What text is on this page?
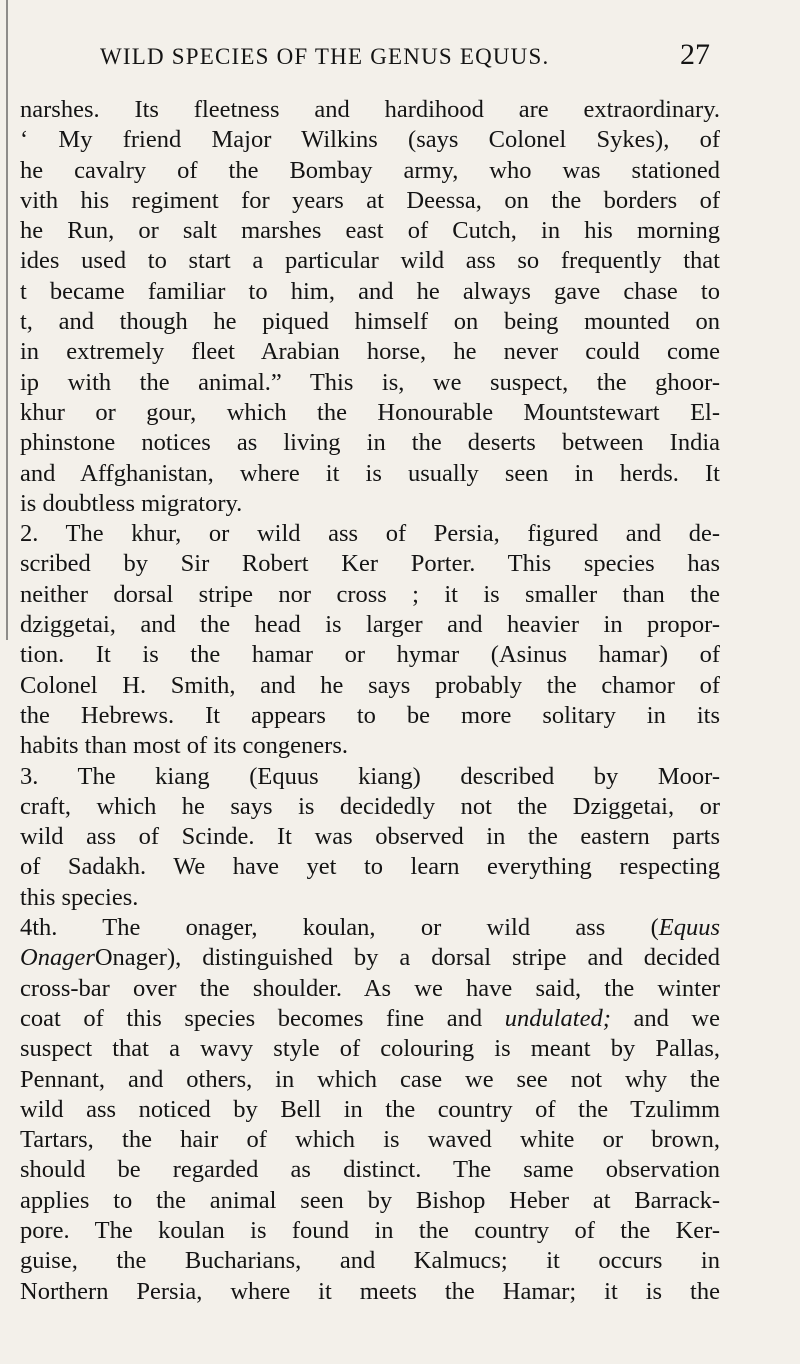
WILD SPECIES OF THE GENUS EQUUS.	27
narshes. Its fleetness and hardihood are extraordinary.
‘ My friend Major Wilkins (says Colonel Sykes), of
he cavalry of the Bombay army, who was stationed
vith his regiment for years at Deessa, on the borders of
he Run, or salt marshes east of Cutch, in his morning
ides used to start a particular wild ass so frequently that
t became familiar to him, and he always gave chase to
t, and though he piqued himself on being mounted on
in extremely fleet Arabian horse, he never could come
ip with the animal.” This is, we suspect, the ghoor-
khur or gour, which the Honourable Mountstewart El-
phinstone notices as living in the deserts between India
and Affghanistan, where it is usually seen in herds. It
is doubtless migratory.
2. The khur, or wild ass of Persia, figured and de-
scribed by Sir Robert Ker Porter. This species has
neither dorsal stripe nor cross ; it is smaller than the
dziggetai, and the head is larger and heavier in propor-
tion. It is the hamar or hymar (Asinus hamar) of
Colonel H. Smith, and he says probably the chamor of
the Hebrews. It appears to be more solitary in its
habits than most of its congeners.
3. The kiang (Equus kiang) described by Moor-
craft, which he says is decidedly not the Dziggetai, or
wild ass of Scinde. It was observed in the eastern parts
of Sadakh. We have yet to learn everything respecting
this species.
4th. The onager, koulan, or wild ass (Equus
OnagerOnager), distinguished by a dorsal stripe and decided
cross-bar over the shoulder. As we have said, the winter
coat of this species becomes fine and undulated; and we
suspect that a wavy style of colouring is meant by Pallas,
Pennant, and others, in which case we see not why the
wild ass noticed by Bell in the country of the Tzulimm
Tartars, the hair of which is waved white or brown,
should be regarded as distinct. The same observation
applies to the animal seen by Bishop Heber at Barrack-
pore. The koulan is found in the country of the Ker-
guise, the Bucharians, and Kalmucs; it occurs in
Northern Persia, where it meets the Hamar; it is the
